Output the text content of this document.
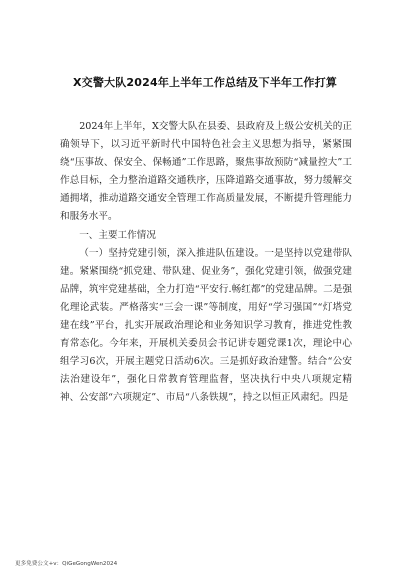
X交警大队2024年上半年工作总结及下半年工作打算

2024年上半年，X交警大队在县委、县政府及上级公安机关的正确领导下，以习近平新时代中国特色社会主义思想为指导，紧紧围绕“压事故、保安全、保畅通”工作思路，聚焦事故预防“减量控大”工作总目标，全力整治道路交通秩序，压降道路交通事故，努力缓解交通拥堵，推动道路交通安全管理工作高质量发展，不断提升管理能力和服务水平。

一、主要工作情况

（一）坚持党建引领，深入推进队伍建设。一是坚持以党建带队建。紧紧围绕“抓党建、带队建、促业务”，强化党建引领，做强党建品牌，筑牢党建基础，全力打造“平安行.畅红都”的党建品牌。二是强化理论武装。严格落实“三会一课”等制度，用好“学习强国”“灯塔党建在线”平台，扎实开展政治理论和业务知识学习教育，推进党性教育常态化。今年来，开展机关委员会书记讲专题党课1次，理论中心组学习6次，开展主题党日活动6次。三是抓好政治建警。结合“公安法治建设年”，强化日常教育管理监督，坚决执行中央八项规定精神、公安部“六项规定”、市局“八条铁规”，持之以恒正风肃纪。四是

更多免费公文+v：QiGeGongWen2024
